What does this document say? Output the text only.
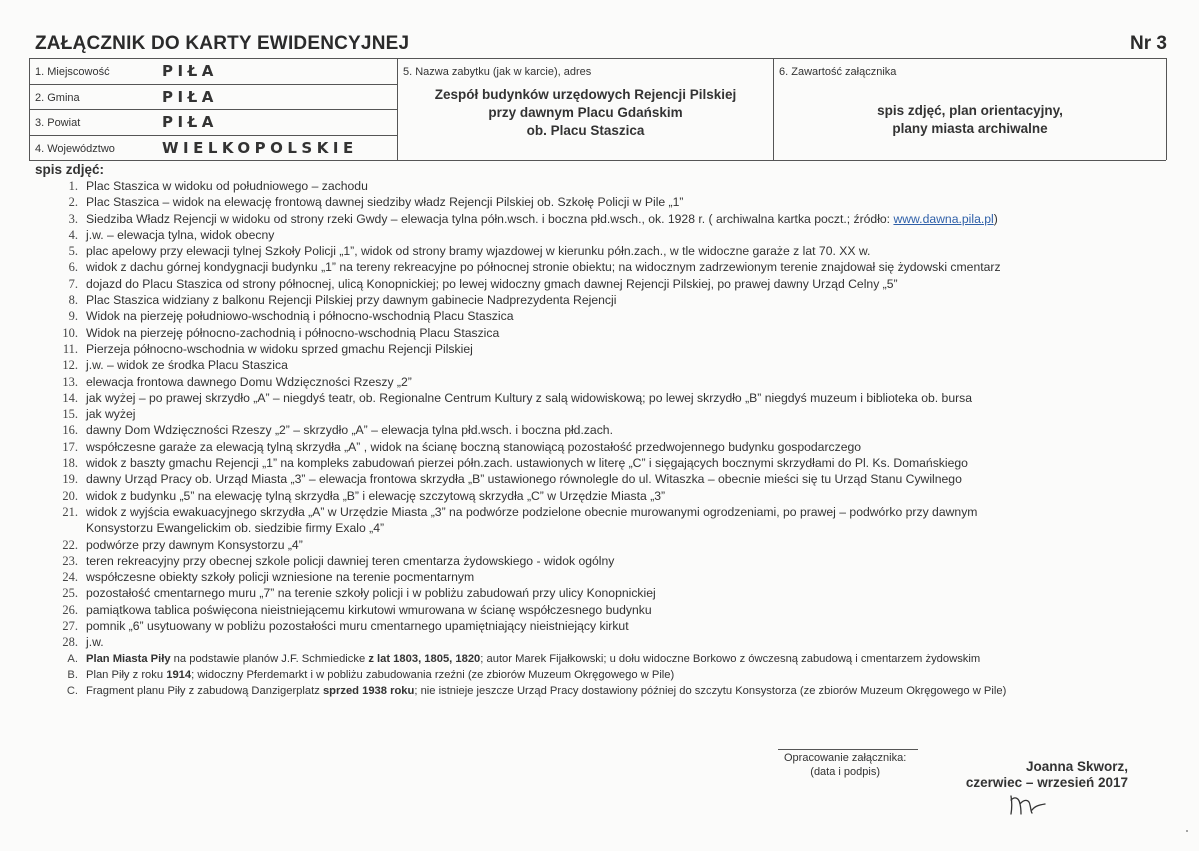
ZAŁĄCZNIK DO KARTY EWIDENCYJNEJ	Nr 3
1. Miejscowość	PIŁA
2. Gmina	PIŁA
3. Powiat	PIŁA
4. Województwo	WIELKOPOLSKIE
5. Nazwa zabytku (jak w karcie), adres
Zespół budynków urzędowych Rejencji Pilskiej
przy dawnym Placu Gdańskim
ob. Placu Staszica
6. Zawartość załącznika
spis zdjęć, plan orientacyjny,
plany miasta archiwalne
spis zdjęć:
1. Plac Staszica w widoku od południowego – zachodu
2. Plac Staszica – widok na elewację frontową dawnej siedziby władz Rejencji Pilskiej ob. Szkołę Policji w Pile „1”
3. Siedziba Władz Rejencji w widoku od strony rzeki Gwdy – elewacja tylna półn.wsch. i boczna płd.wsch., ok. 1928 r. ( archiwalna kartka poczt.; źródło: www.dawna.pila.pl)
4. j.w. – elewacja tylna, widok obecny
5. plac apelowy przy elewacji tylnej Szkoły Policji „1”, widok od strony bramy wjazdowej w kierunku półn.zach., w tle widoczne garaże z lat 70. XX w.
6. widok z dachu górnej kondygnacji budynku „1” na tereny rekreacyjne po północnej stronie obiektu; na widocznym zadrzewionym terenie znajdował się żydowski cmentarz
7. dojazd do Placu Staszica od strony północnej, ulicą Konopnickiej; po lewej widoczny gmach dawnej Rejencji Pilskiej, po prawej dawny Urząd Celny „5”
8. Plac Staszica widziany z balkonu Rejencji Pilskiej przy dawnym gabinecie Nadprezydenta Rejencji
9. Widok na pierzeję południowo-wschodnią i północno-wschodnią Placu Staszica
10. Widok na pierzeję północno-zachodnią i północno-wschodnią Placu Staszica
11. Pierzeja północno-wschodnia w widoku sprzed gmachu Rejencji Pilskiej
12. j.w. – widok ze środka Placu Staszica
13. elewacja frontowa dawnego Domu Wdzięczności Rzeszy „2”
14. jak wyżej – po prawej skrzydło „A” – niegdyś teatr, ob. Regionalne Centrum Kultury z salą widowiskową; po lewej skrzydło „B” niegdyś muzeum i biblioteka ob. bursa
15. jak wyżej
16. dawny Dom Wdzięczności Rzeszy „2” – skrzydło „A” – elewacja tylna płd.wsch. i boczna płd.zach.
17. współczesne garaże za elewacją tylną skrzydła „A” , widok na ścianę boczną stanowiącą pozostałość przedwojennego budynku gospodarczego
18. widok z baszty gmachu Rejencji „1” na kompleks zabudowań pierzei półn.zach. ustawionych w literę „C” i sięgających bocznymi skrzydłami do Pl. Ks. Domańskiego
19. dawny Urząd Pracy ob. Urząd Miasta „3” – elewacja frontowa skrzydła „B” ustawionego równolegle do ul. Witaszka – obecnie mieści się tu Urząd Stanu Cywilnego
20. widok z budynku „5” na elewację tylną skrzydła „B” i elewację szczytową skrzydła „C” w Urzędzie Miasta „3”
21. widok z wyjścia ewakuacyjnego skrzydła „A” w Urzędzie Miasta „3” na podwórze podzielone obecnie murowanymi ogrodzeniami, po prawej – podwórko przy dawnym
Konsystorzu Ewangelickim ob. siedzibie firmy Exalo „4”
22. podwórze przy dawnym Konsystorzu „4”
23. teren rekreacyjny przy obecnej szkole policji dawniej teren cmentarza żydowskiego - widok ogólny
24. współczesne obiekty szkoły policji wzniesione na terenie pocmentarnym
25. pozostałość cmentarnego muru „7” na terenie szkoły policji i w pobliżu zabudowań przy ulicy Konopnickiej
26. pamiątkowa tablica poświęcona nieistniejącemu kirkutowi wmurowana w ścianę współczesnego budynku
27. pomnik „6” usytuowany w pobliżu pozostałości muru cmentarnego upamiętniający nieistniejący kirkut
28. j.w.
A. Plan Miasta Piły na podstawie planów J.F. Schmiedicke z lat 1803, 1805, 1820; autor Marek Fijałkowski; u dołu widoczne Borkowo z ówczesną zabudową i cmentarzem żydowskim
B. Plan Piły z roku 1914; widoczny Pferdemarkt i w pobliżu zabudowania rzeźni (ze zbiorów Muzeum Okręgowego w Pile)
C. Fragment planu Piły z zabudową Danzigerplatz sprzed 1938 roku; nie istnieje jeszcze Urząd Pracy dostawiony później do szczytu Konsystorza (ze zbiorów Muzeum Okręgowego w Pile)
Opracowanie załącznika:
(data i podpis)	Joanna Skworz,
czerwiec – wrzesień 2017
